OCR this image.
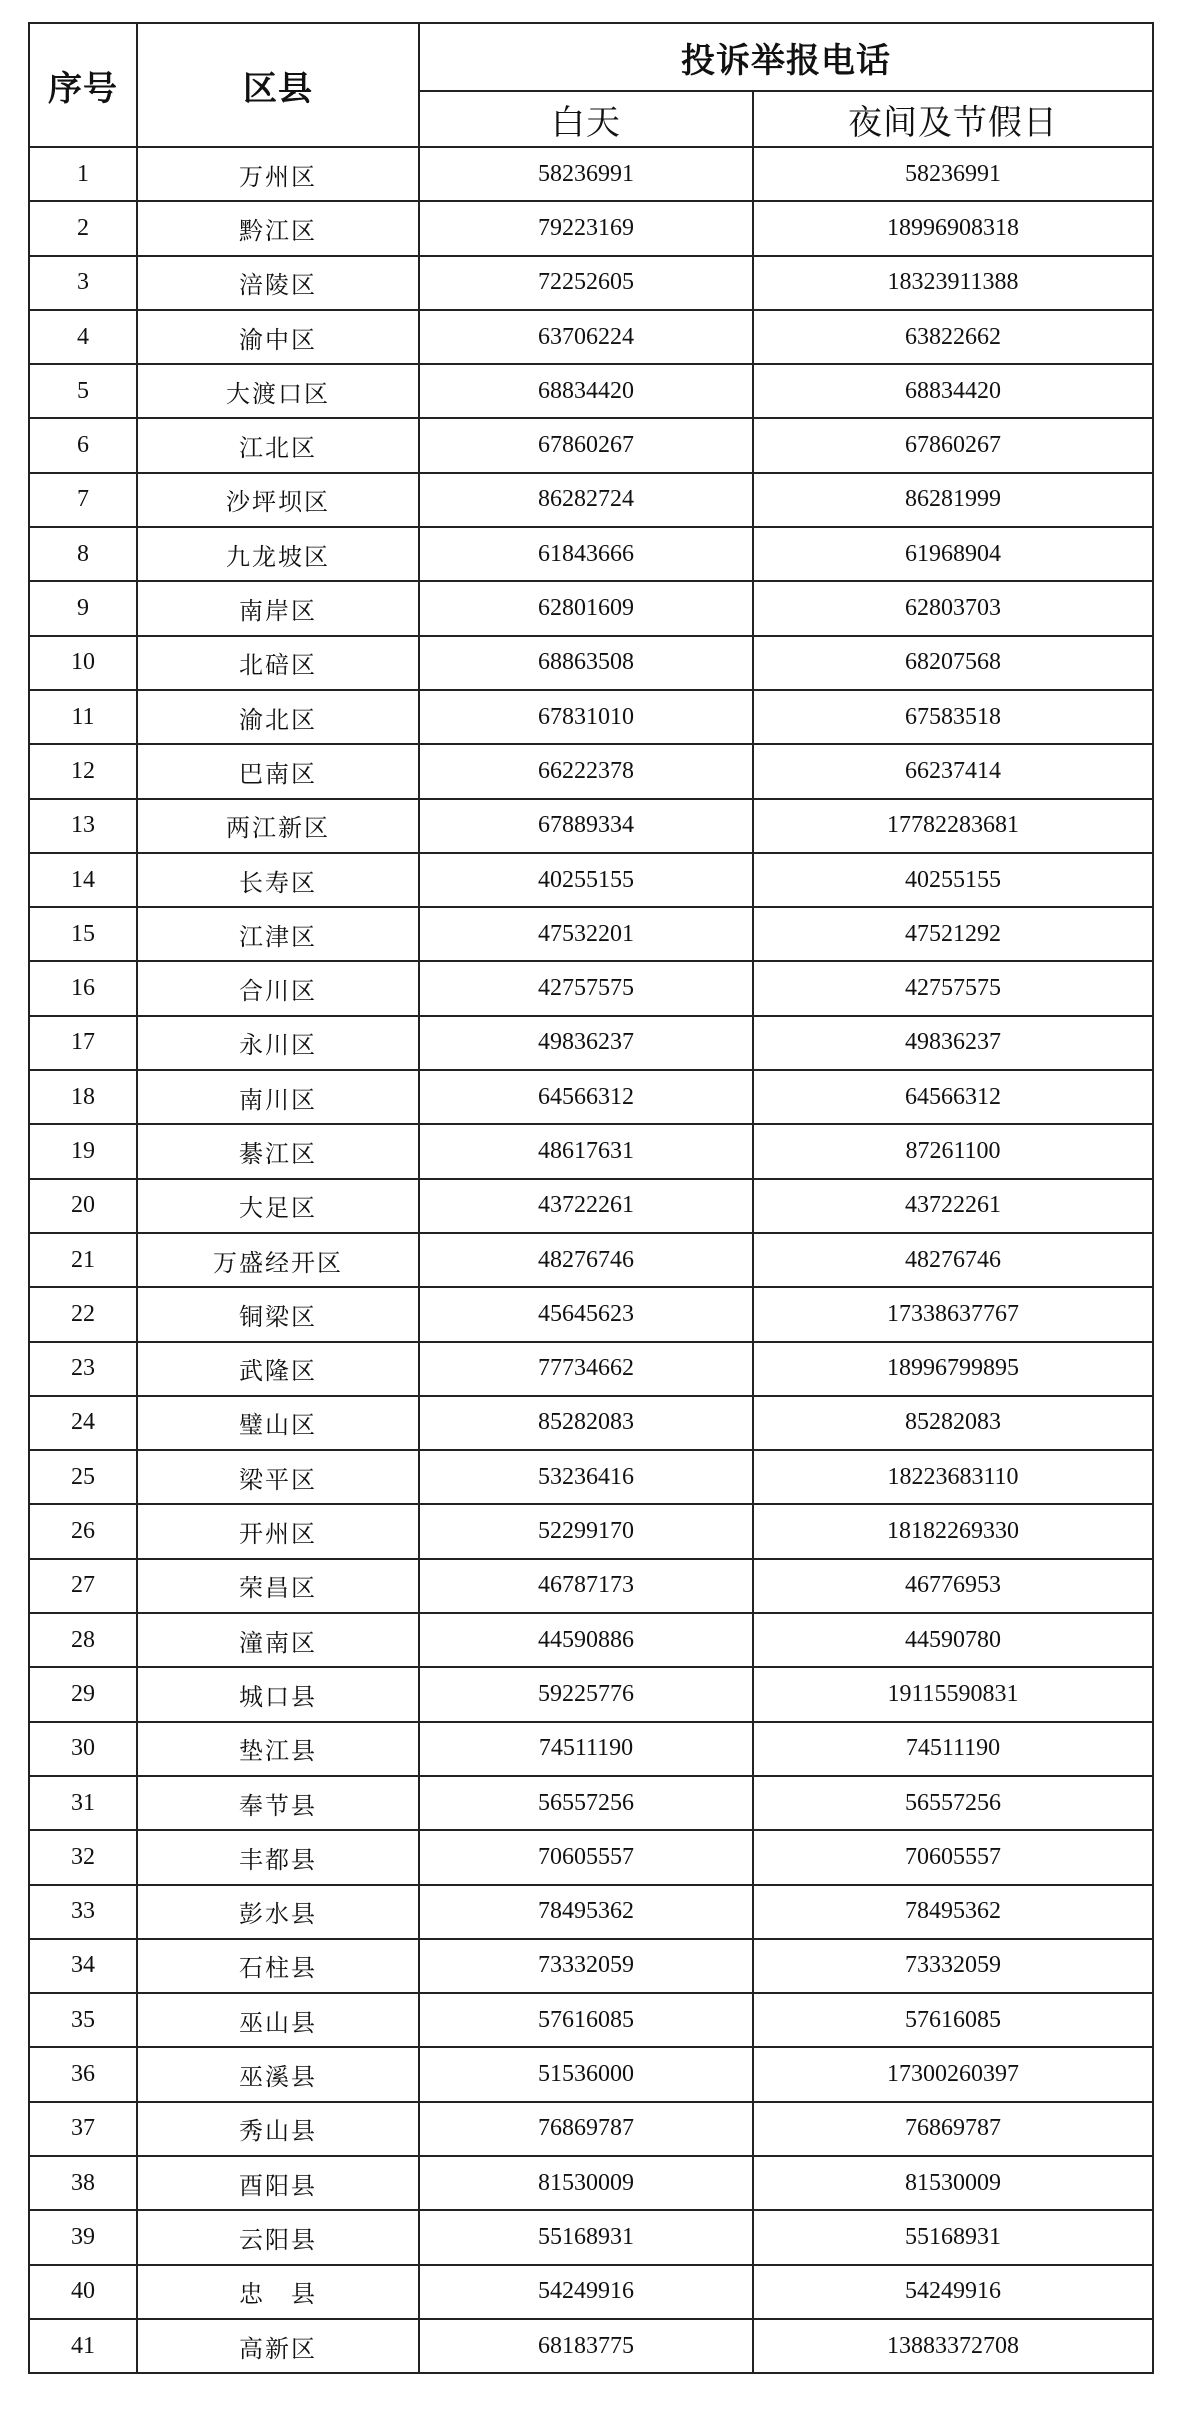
序号	区县	投诉举报电话	
		白天	夜间及节假日
1	万州区	58236991	58236991
2	黔江区	79223169	18996908318
3	涪陵区	72252605	18323911388
4	渝中区	63706224	63822662
5	大渡口区	68834420	68834420
6	江北区	67860267	67860267
7	沙坪坝区	86282724	86281999
8	九龙坡区	61843666	61968904
9	南岸区	62801609	62803703
10	北碚区	68863508	68207568
11	渝北区	67831010	67583518
12	巴南区	66222378	66237414
13	两江新区	67889334	17782283681
14	长寿区	40255155	40255155
15	江津区	47532201	47521292
16	合川区	42757575	42757575
17	永川区	49836237	49836237
18	南川区	64566312	64566312
19	綦江区	48617631	87261100
20	大足区	43722261	43722261
21	万盛经开区	48276746	48276746
22	铜梁区	45645623	17338637767
23	武隆区	77734662	18996799895
24	璧山区	85282083	85282083
25	梁平区	53236416	18223683110
26	开州区	52299170	18182269330
27	荣昌区	46787173	46776953
28	潼南区	44590886	44590780
29	城口县	59225776	19115590831
30	垫江县	74511190	74511190
31	奉节县	56557256	56557256
32	丰都县	70605557	70605557
33	彭水县	78495362	78495362
34	石柱县	73332059	73332059
35	巫山县	57616085	57616085
36	巫溪县	51536000	17300260397
37	秀山县	76869787	76869787
38	酉阳县	81530009	81530009
39	云阳县	55168931	55168931
40	忠　县	54249916	54249916
41	高新区	68183775	13883372708
